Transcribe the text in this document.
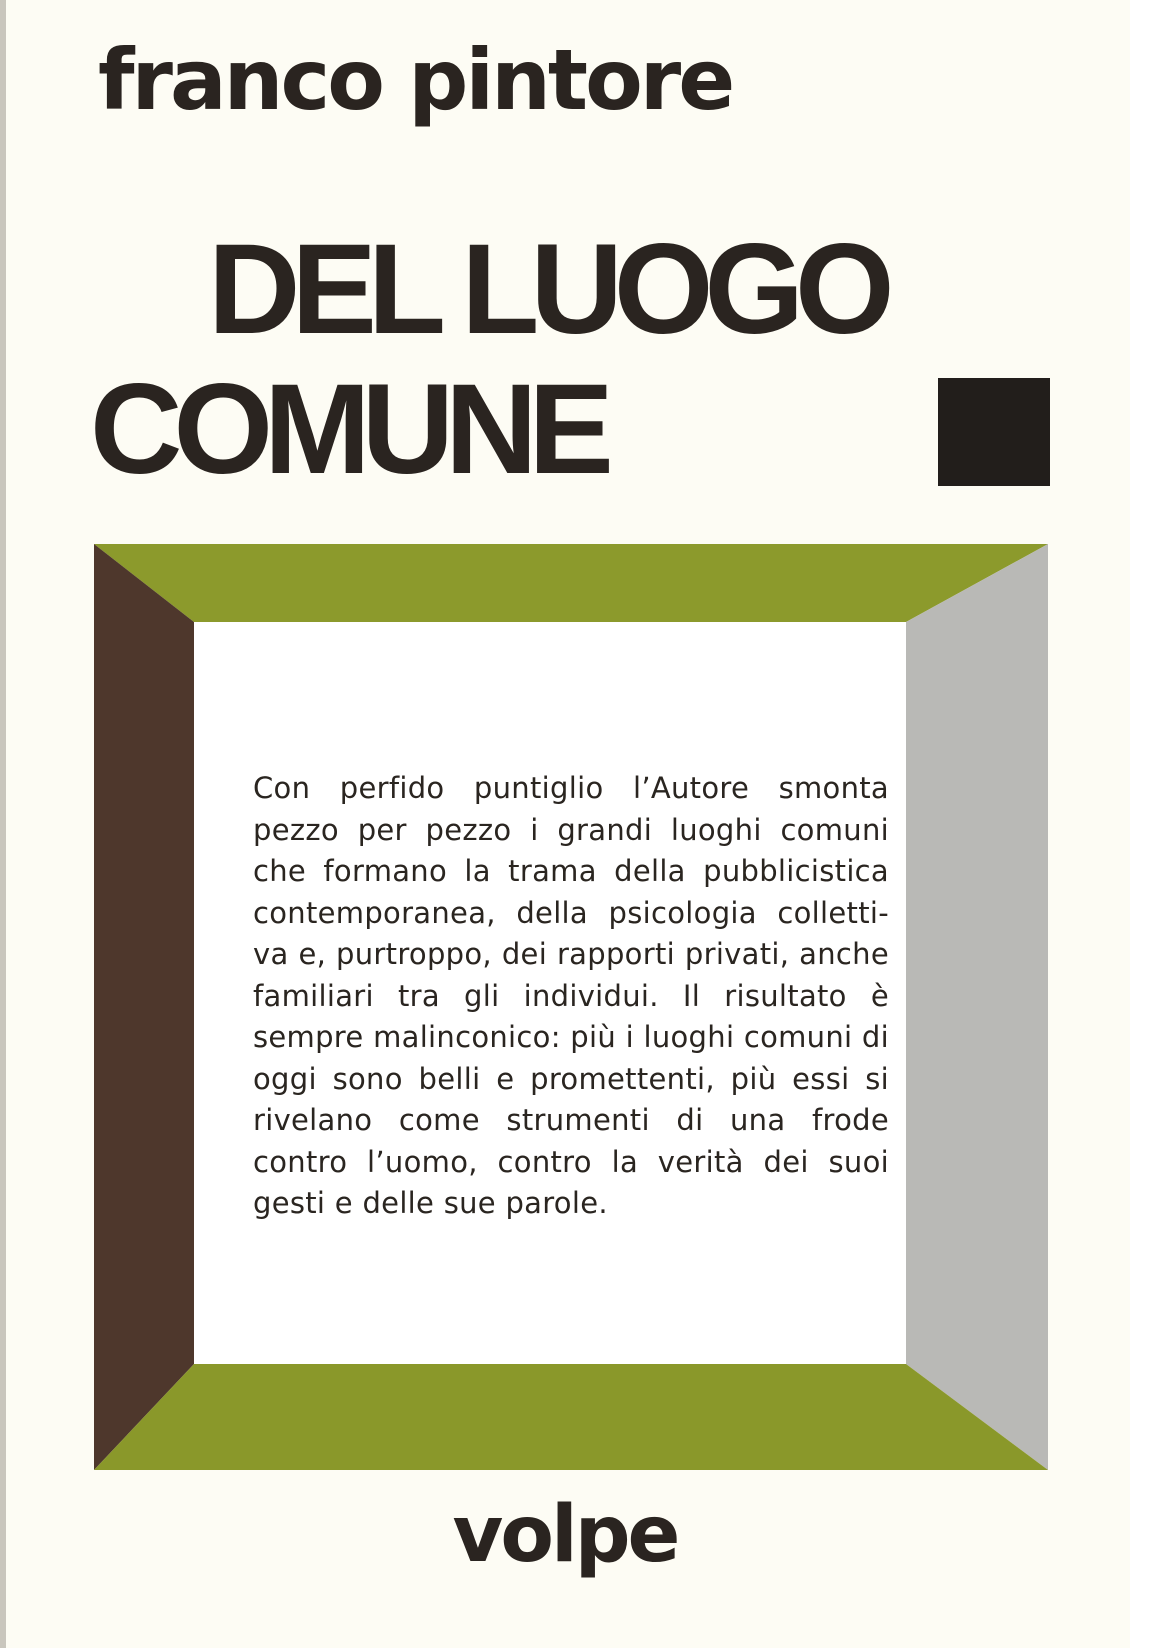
franco pintore
DEL LUOGO
COMUNE
Con perfido puntiglio l’Autore smonta pezzo per pezzo i grandi luoghi comuni che formano la trama della pubblicistica contemporanea, della psicologia colletti-va e, purtroppo, dei rapporti privati, anche familiari tra gli individui. Il risultato è sempre malinconico: più i luoghi comuni di oggi sono belli e promettenti, più essi si rivelano come strumenti di una frode contro l’uomo, contro la verità dei suoi gesti e delle sue parole.
volpe
